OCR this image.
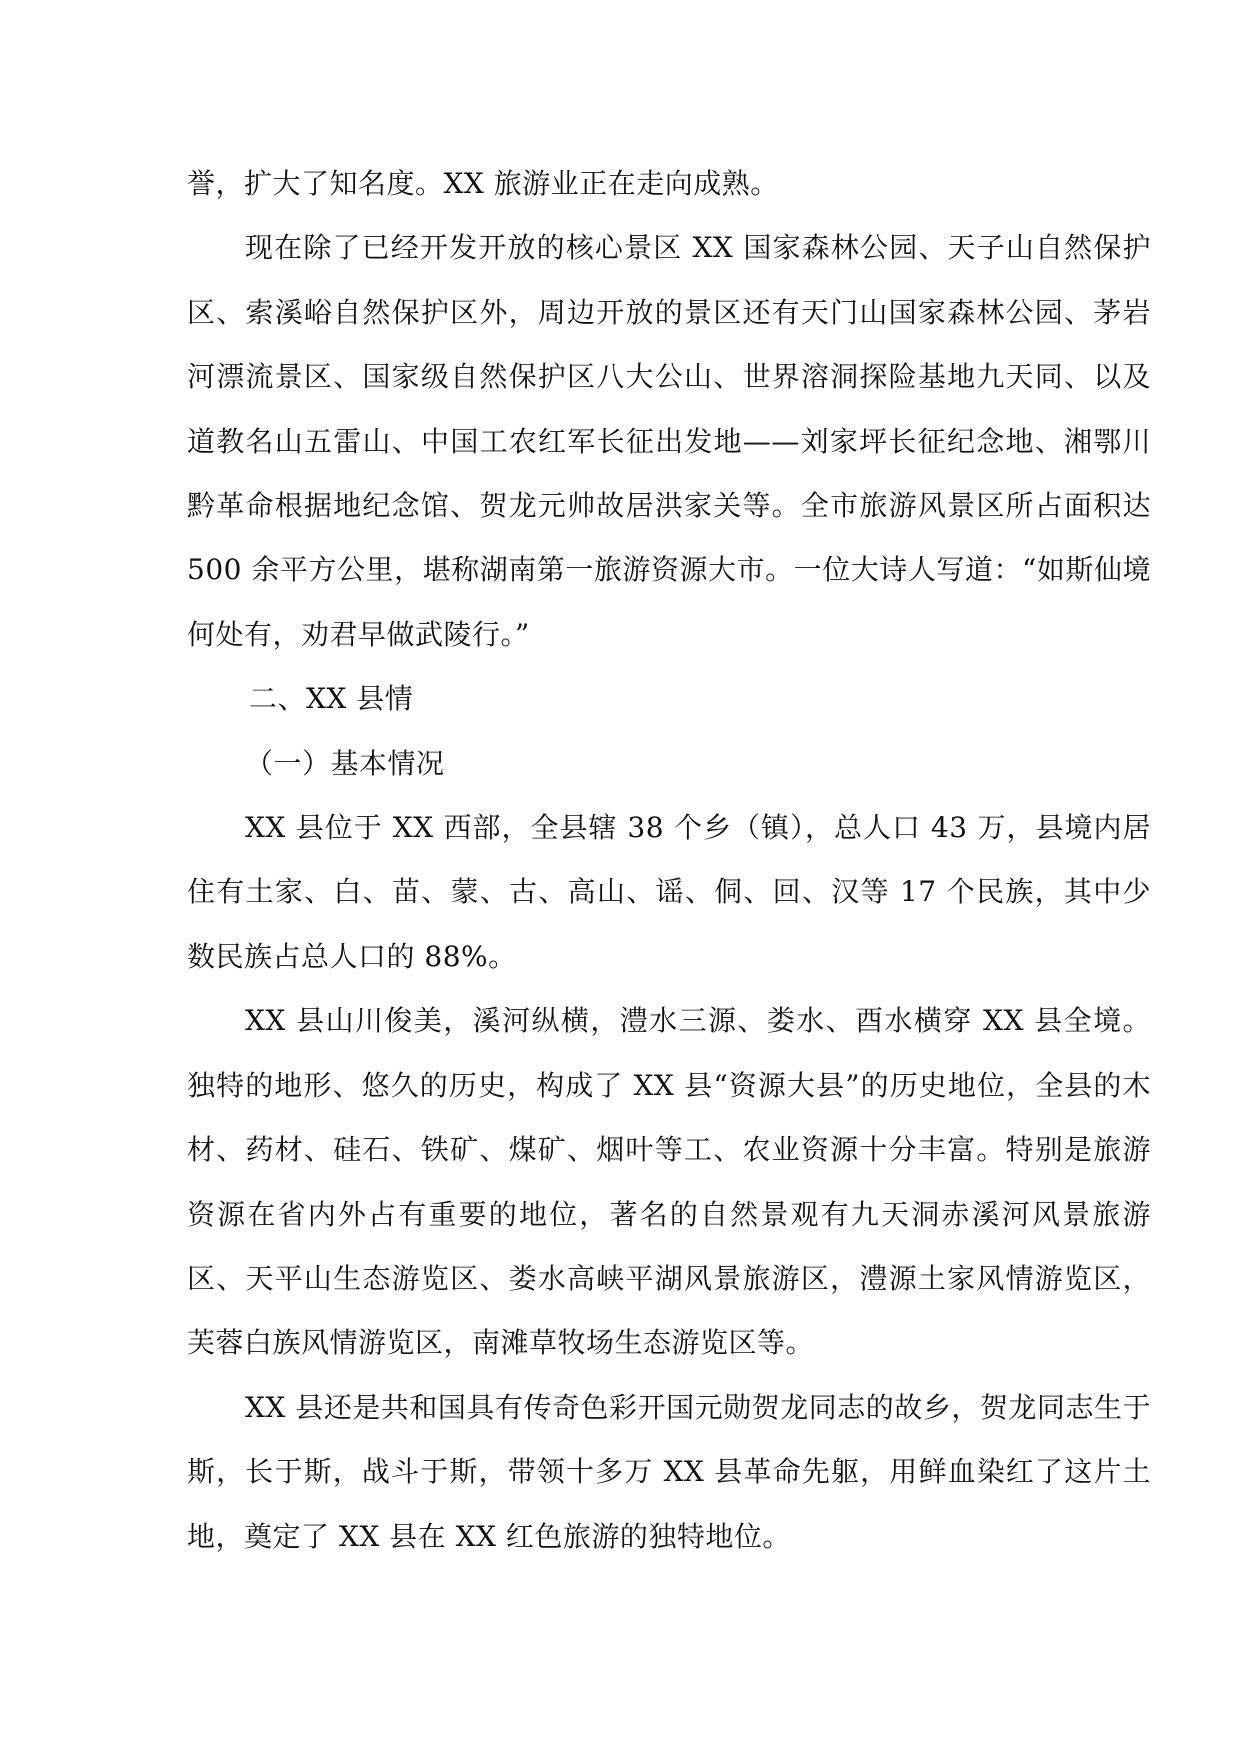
誉，扩大了知名度。XX 旅游业正在走向成熟。

现在除了已经开发开放的核心景区 XX 国家森林公园、天子山自然保护区、索溪峪自然保护区外，周边开放的景区还有天门山国家森林公园、茅岩河漂流景区、国家级自然保护区八大公山、世界溶洞探险基地九天同、以及道教名山五雷山、中国工农红军长征出发地——刘家坪长征纪念地、湘鄂川黔革命根据地纪念馆、贺龙元帅故居洪家关等。全市旅游风景区所占面积达 500 余平方公里，堪称湖南第一旅游资源大市。一位大诗人写道：“如斯仙境何处有，劝君早做武陵行。”

二、XX 县情

（一）基本情况

XX 县位于 XX 西部，全县辖 38 个乡（镇），总人口 43 万，县境内居住有土家、白、苗、蒙、古、高山、谣、侗、回、汉等 17 个民族，其中少数民族占总人口的 88%。

XX 县山川俊美，溪河纵横，澧水三源、娄水、酉水横穿 XX 县全境。独特的地形、悠久的历史，构成了 XX 县“资源大县”的历史地位，全县的木材、药材、硅石、铁矿、煤矿、烟叶等工、农业资源十分丰富。特别是旅游资源在省内外占有重要的地位，著名的自然景观有九天洞赤溪河风景旅游区、天平山生态游览区、娄水高峡平湖风景旅游区，澧源土家风情游览区，芙蓉白族风情游览区，南滩草牧场生态游览区等。

XX 县还是共和国具有传奇色彩开国元勋贺龙同志的故乡，贺龙同志生于斯，长于斯，战斗于斯，带领十多万 XX 县革命先躯，用鲜血染红了这片土地，奠定了 XX 县在 XX 红色旅游的独特地位。
